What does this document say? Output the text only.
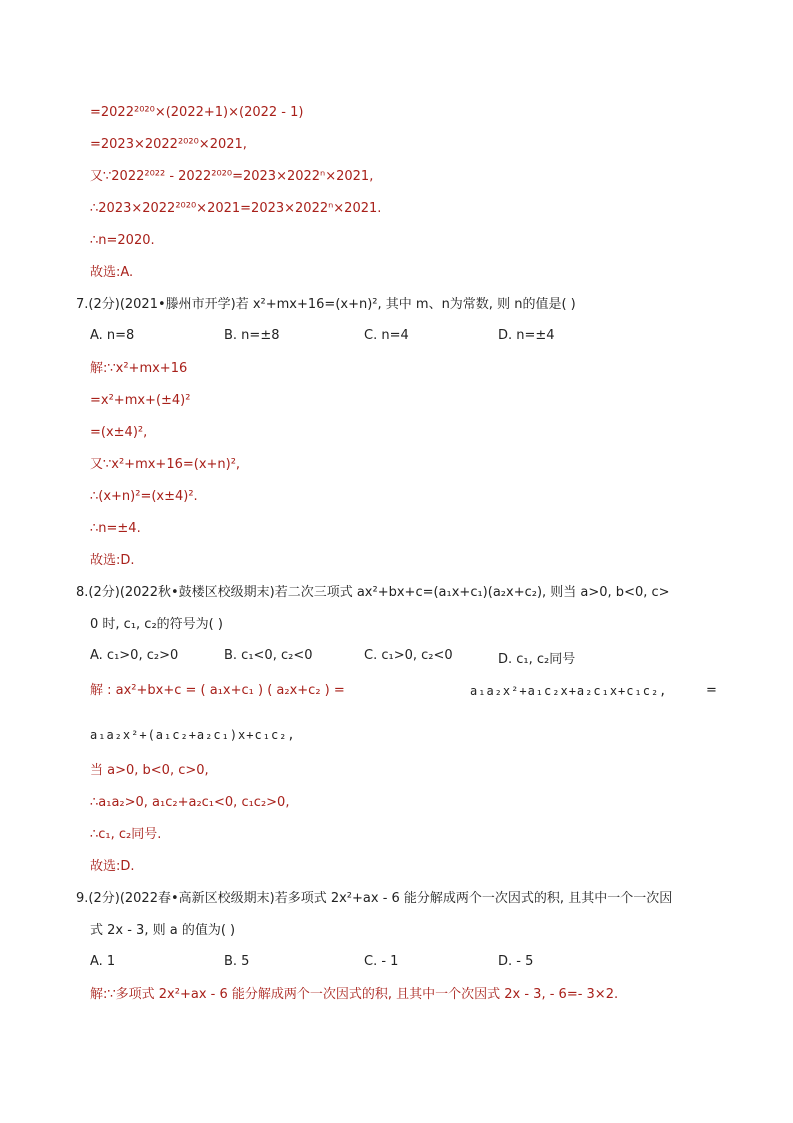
=2022²⁰²⁰×(2022+1)×(2022 - 1)
=2023×2022²⁰²⁰×2021,
又∵2022²⁰²² - 2022²⁰²⁰=2023×2022ⁿ×2021,
∴2023×2022²⁰²⁰×2021=2023×2022ⁿ×2021.
∴n=2020.
故选:A.
7.(2分)(2021•滕州市开学)若 x²+mx+16=(x+n)², 其中 m、n为常数, 则 n的值是( )
A. n=8	B. n=±8	C. n=4	D. n=±4
解:∵x²+mx+16
=x²+mx+(±4)²
=(x±4)²,
又∵x²+mx+16=(x+n)²,
∴(x+n)²=(x±4)².
∴n=±4.
故选:D.
8.(2分)(2022秋•鼓楼区校级期末)若二次三项式 ax²+bx+c=(a₁x+c₁)(a₂x+c₂), 则当 a>0, b<0, c>
0 时, c₁, c₂的符号为( )
A. c₁>0, c₂>0	B. c₁<0, c₂<0	C. c₁>0, c₂<0	D. c₁, c₂同号
解 : ax²+bx+c = ( a₁x+c₁ ) ( a₂x+c₂ ) =	a₁a₂x²+a₁c₂x+a₂c₁x+c₁c₂,	=
a₁a₂x²+(a₁c₂+a₂c₁)x+c₁c₂,
当 a>0, b<0, c>0,
∴a₁a₂>0, a₁c₂+a₂c₁<0, c₁c₂>0,
∴c₁, c₂同号.
故选:D.
9.(2分)(2022春•高新区校级期末)若多项式 2x²+ax - 6 能分解成两个一次因式的积, 且其中一个一次因
式 2x - 3, 则 a 的值为( )
A. 1	B. 5	C. - 1	D. - 5
解:∵多项式 2x²+ax - 6 能分解成两个一次因式的积, 且其中一个次因式 2x - 3, - 6=- 3×2.
